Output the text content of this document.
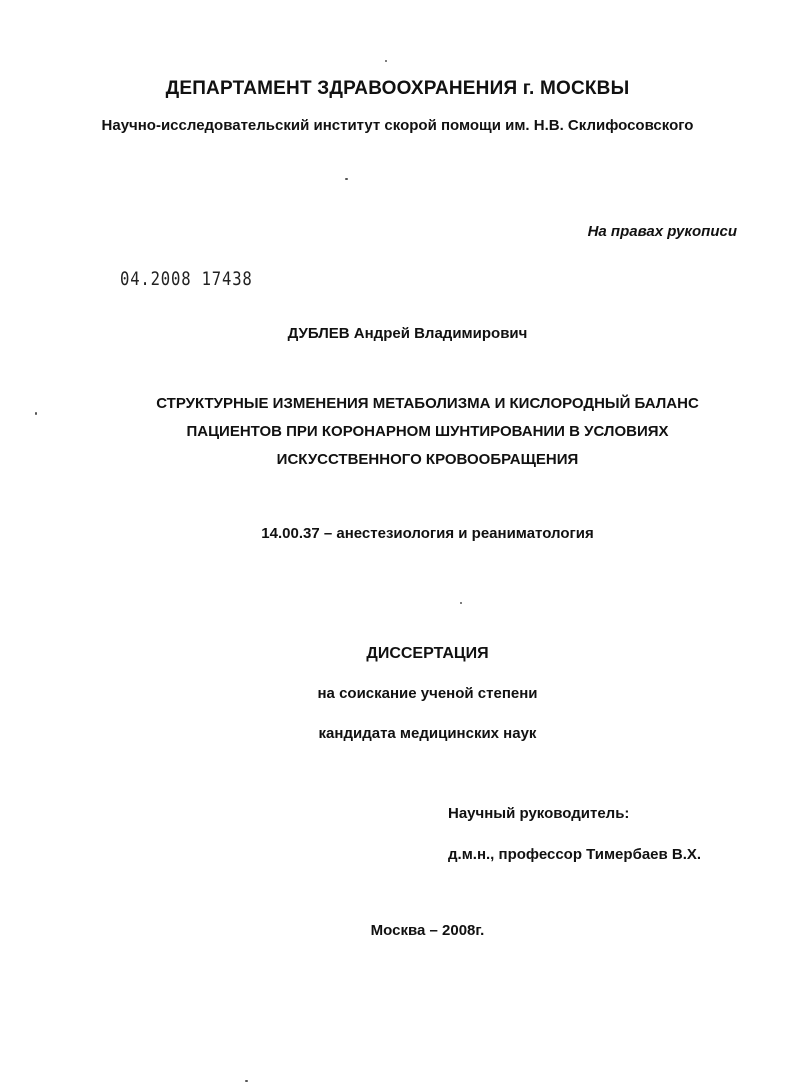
ДЕПАРТАМЕНТ ЗДРАВООХРАНЕНИЯ г. МОСКВЫ

Научно-исследовательский институт скорой помощи им. Н.В. Склифосовского

На правах рукописи

04.2008 17438

ДУБЛЕВ Андрей Владимирович

СТРУКТУРНЫЕ ИЗМЕНЕНИЯ МЕТАБОЛИЗМА И КИСЛОРОДНЫЙ БАЛАНС
ПАЦИЕНТОВ ПРИ КОРОНАРНОМ ШУНТИРОВАНИИ В УСЛОВИЯХ
ИСКУССТВЕННОГО КРОВООБРАЩЕНИЯ

14.00.37 – анестезиология и реаниматология

ДИССЕРТАЦИЯ

на соискание ученой степени

кандидата медицинских наук

Научный руководитель:

д.м.н., профессор Тимербаев В.Х.

Москва – 2008г.
